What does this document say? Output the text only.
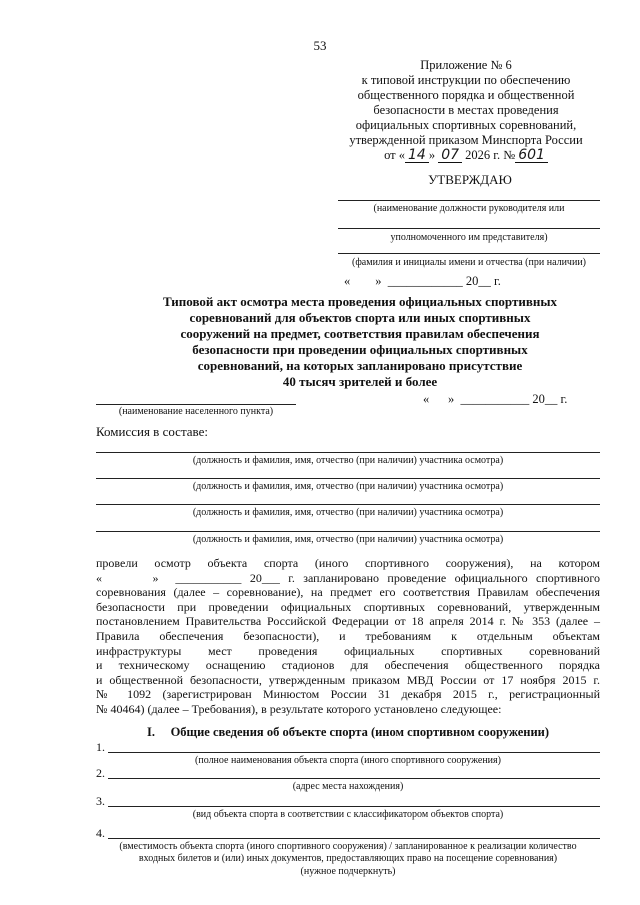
53
Приложение № 6
к типовой инструкции по обеспечению
общественного порядка и общественной
безопасности в местах проведения
официальных спортивных соревнований,
утвержденной приказом Минспорта России
от « 14 » 07 2026 г. № 601
УТВЕРЖДАЮ
(наименование должности руководителя или
уполномоченного им представителя)
(фамилия и инициалы имени и отчества (при наличии)
«        »  ____________ 20__ г.
Типовой акт осмотра места проведения официальных спортивных
соревнований для объектов спорта или иных спортивных
сооружений на предмет, соответствия правилам обеспечения
безопасности при проведении официальных спортивных
соревнований, на которых запланировано присутствие
40 тысяч зрителей и более
(наименование населенного пункта)
«      »  ___________ 20__ г.
Комиссия в составе:
(должность и фамилия, имя, отчество (при наличии) участника осмотра)
(должность и фамилия, имя, отчество (при наличии) участника осмотра)
(должность и фамилия, имя, отчество (при наличии) участника осмотра)
(должность и фамилия, имя, отчество (при наличии) участника осмотра)
провели осмотр объекта спорта (иного спортивного сооружения), на котором
«      »  ___________ 20___ г. запланировано проведение официального спортивного
соревнования (далее – соревнование), на предмет его соответствия Правилам обеспечения
безопасности при проведении официальных спортивных соревнований, утвержденным
постановлением Правительства Российской Федерации от 18 апреля 2014 г. № 353 (далее –
Правила обеспечения безопасности), и требованиям к отдельным объектам
инфраструктуры мест проведения официальных спортивных соревнований
и техническому оснащению стадионов для обеспечения общественного порядка
и общественной безопасности, утвержденным приказом МВД России от 17 ноября 2015 г.
№ 1092 (зарегистрирован Минюстом России 31 декабря 2015 г., регистрационный
№ 40464) (далее – Требования), в результате которого установлено следующее:
I. Общие сведения об объекте спорта (ином спортивном сооружении)
1.
(полное наименования объекта спорта (иного спортивного сооружения)
2.
(адрес места нахождения)
3.
(вид объекта спорта в соответствии с классификатором объектов спорта)
4.
(вместимость объекта спорта (иного спортивного сооружения) / запланированное к реализации количество
входных билетов и (или) иных документов, предоставляющих право на посещение соревнования)
(нужное подчеркнуть)
